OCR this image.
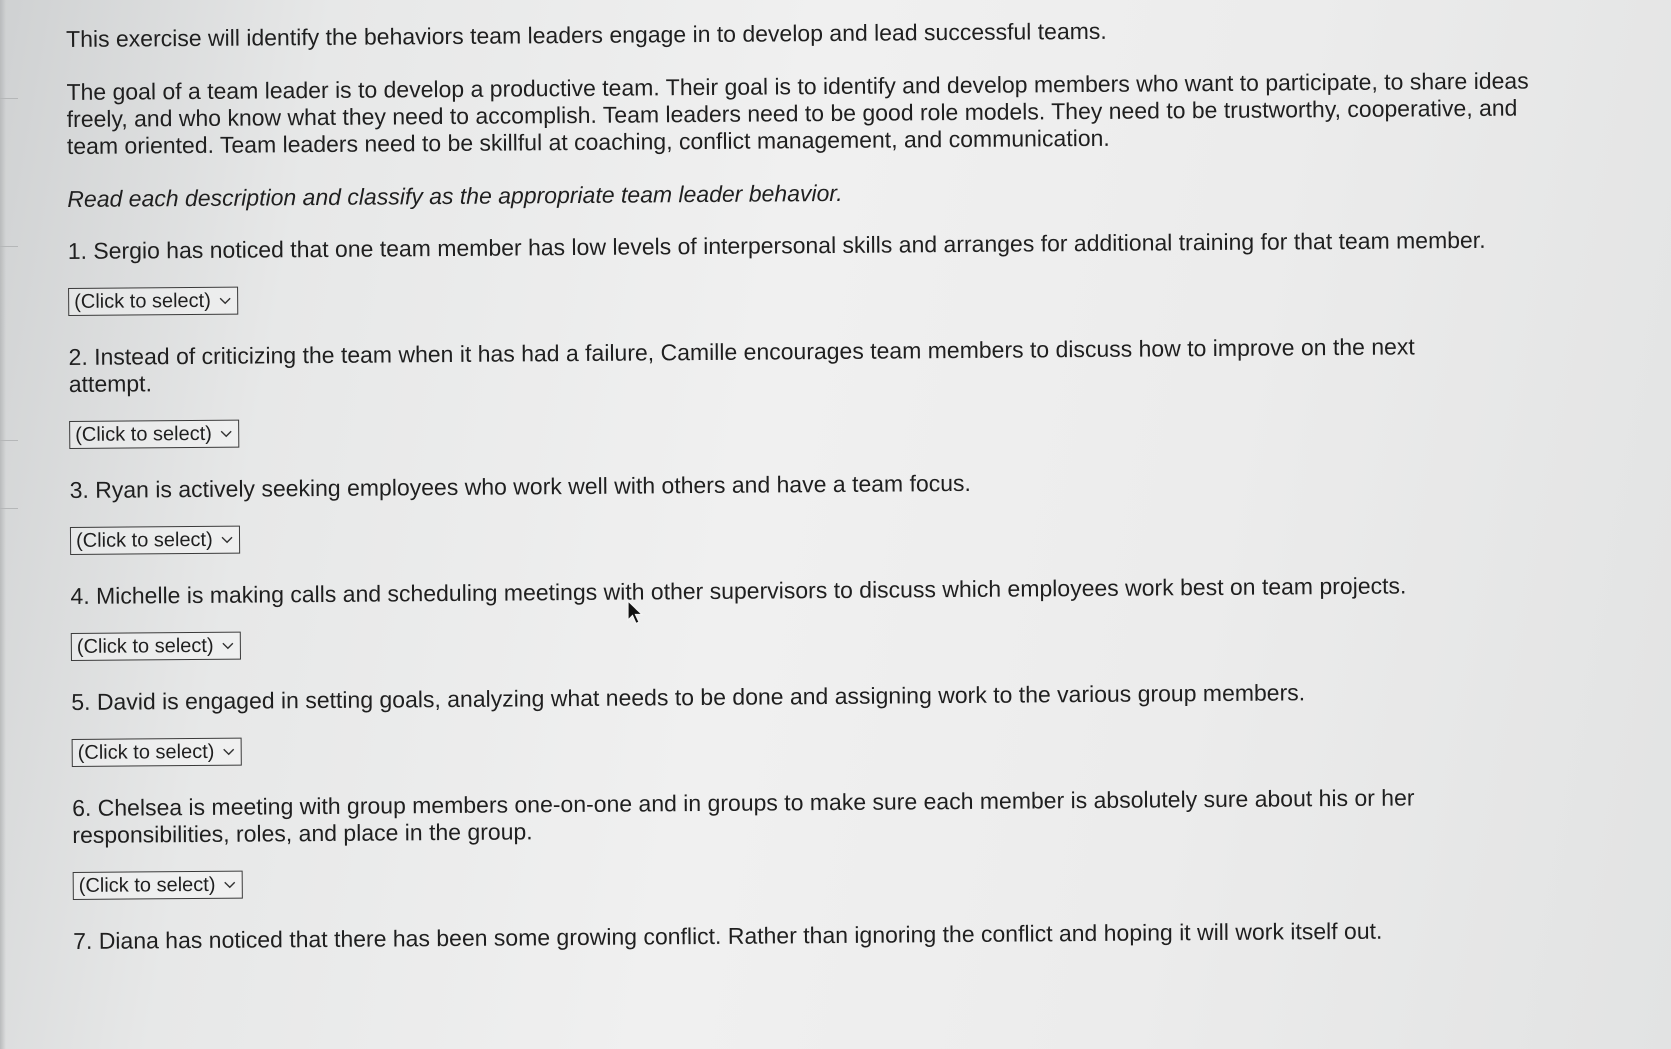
This exercise will identify the behaviors team leaders engage in to develop and lead successful teams.

The goal of a team leader is to develop a productive team. Their goal is to identify and develop members who want to participate, to share ideas freely, and who know what they need to accomplish. Team leaders need to be good role models. They need to be trustworthy, cooperative, and team oriented. Team leaders need to be skillful at coaching, conflict management, and communication.

Read each description and classify as the appropriate team leader behavior.

1. Sergio has noticed that one team member has low levels of interpersonal skills and arranges for additional training for that team member.

(Click to select)

2. Instead of criticizing the team when it has had a failure, Camille encourages team members to discuss how to improve on the next attempt.

(Click to select)

3. Ryan is actively seeking employees who work well with others and have a team focus.

(Click to select)

4. Michelle is making calls and scheduling meetings with other supervisors to discuss which employees work best on team projects.

(Click to select)

5. David is engaged in setting goals, analyzing what needs to be done and assigning work to the various group members.

(Click to select)

6. Chelsea is meeting with group members one-on-one and in groups to make sure each member is absolutely sure about his or her responsibilities, roles, and place in the group.

(Click to select)

7. Diana has noticed that there has been some growing conflict. Rather than ignoring the conflict and hoping it will work itself out.
